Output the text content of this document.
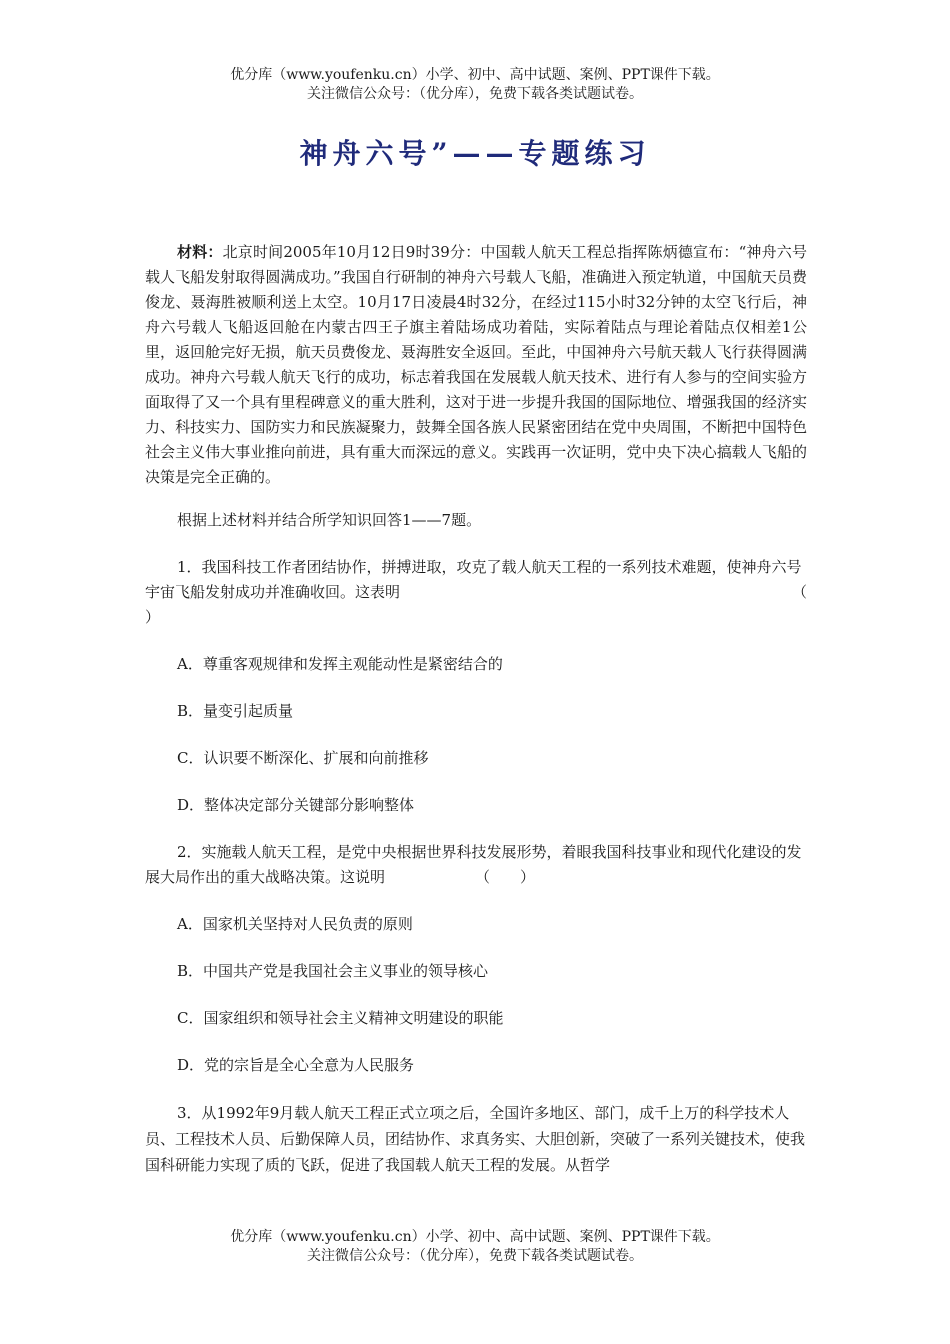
优分库（www.youfenku.cn）小学、初中、高中试题、案例、PPT课件下载。
关注微信公众号：（优分库），免费下载各类试题试卷。
神舟六号”——专题练习

材料：北京时间2005年10月12日9时39分：中国载人航天工程总指挥陈炳德宣布：“神舟六号载人飞船发射取得圆满成功。”我国自行研制的神舟六号载人飞船，准确进入预定轨道，中国航天员费俊龙、聂海胜被顺利送上太空。10月17日凌晨4时32分，在经过115小时32分钟的太空飞行后，神舟六号载人飞船返回舱在内蒙古四王子旗主着陆场成功着陆，实际着陆点与理论着陆点仅相差1公里，返回舱完好无损，航天员费俊龙、聂海胜安全返回。至此，中国神舟六号航天载人飞行获得圆满成功。神舟六号载人航天飞行的成功，标志着我国在发展载人航天技术、进行有人参与的空间实验方面取得了又一个具有里程碑意义的重大胜利，这对于进一步提升我国的国际地位、增强我国的经济实力、科技实力、国防实力和民族凝聚力，鼓舞全国各族人民紧密团结在党中央周围，不断把中国特色社会主义伟大事业推向前进，具有重大而深远的意义。实践再一次证明，党中央下决心搞载人飞船的决策是完全正确的。

根据上述材料并结合所学知识回答1——7题。

1．我国科技工作者团结协作，拼搏进取，攻克了载人航天工程的一系列技术难题，使神舟六号宇宙飞船发射成功并准确收回。这表明	（

）

A．尊重客观规律和发挥主观能动性是紧密结合的

B．量变引起质量

C．认识要不断深化、扩展和向前推移

D．整体决定部分关键部分影响整体

2．实施载人航天工程，是党中央根据世界科技发展形势，着眼我国科技事业和现代化建设的发展大局作出的重大战略决策。这说明	（　　）

A．国家机关坚持对人民负责的原则

B．中国共产党是我国社会主义事业的领导核心

C．国家组织和领导社会主义精神文明建设的职能

D．党的宗旨是全心全意为人民服务

3．从1992年9月载人航天工程正式立项之后，全国许多地区、部门，成千上万的科学技术人员、工程技术人员、后勤保障人员，团结协作、求真务实、大胆创新，突破了一系列关键技术，使我国科研能力实现了质的飞跃，促进了我国载人航天工程的发展。从哲学

优分库（www.youfenku.cn）小学、初中、高中试题、案例、PPT课件下载。
关注微信公众号：（优分库），免费下载各类试题试卷。
